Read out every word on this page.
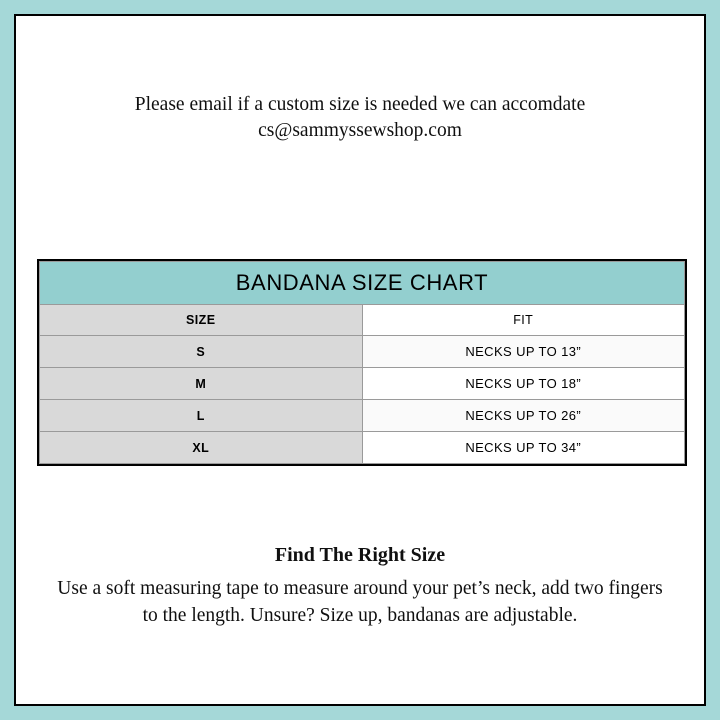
Please email if a custom size is needed we can accomdate
cs@sammyssewshop.com
BANDANA SIZE CHART	
SIZE	FIT
S	NECKS UP TO 13”
M	NECKS UP TO 18”
L	NECKS UP TO 26”
XL	NECKS UP TO 34”
Find The Right Size
Use a soft measuring tape to measure around your pet’s neck, add two fingers
to the length. Unsure? Size up, bandanas are adjustable.
